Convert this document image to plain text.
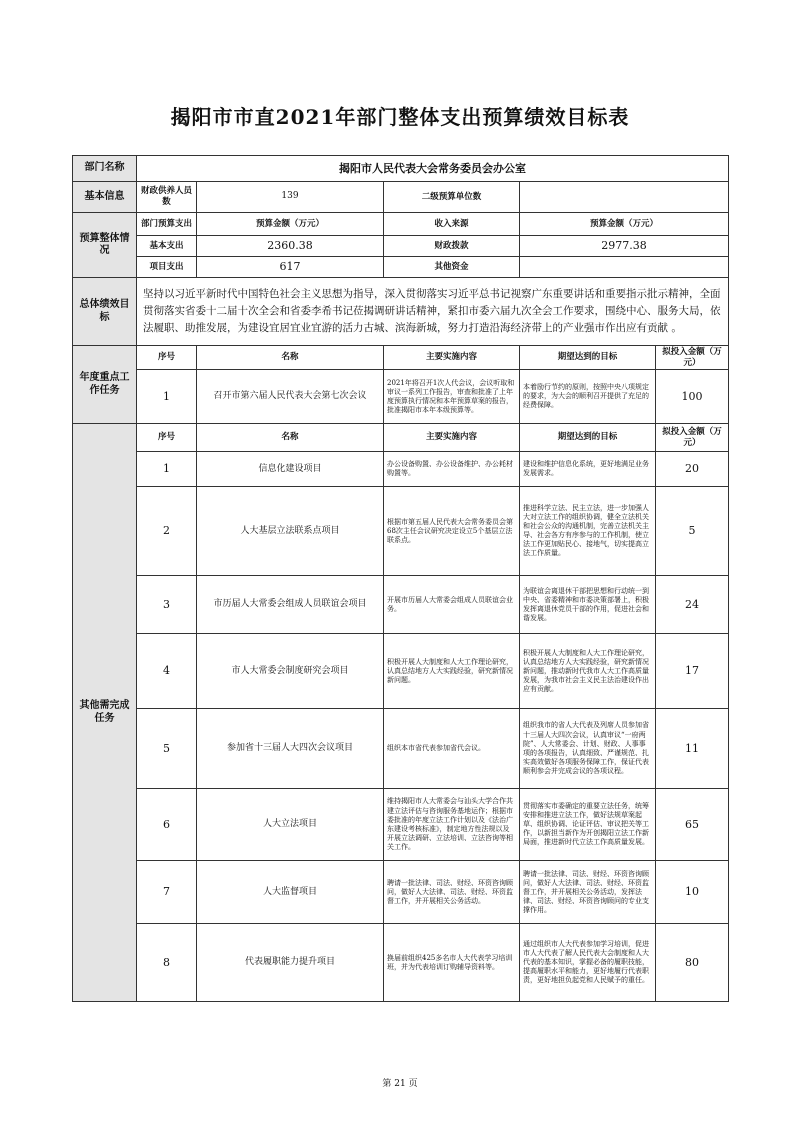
揭阳市市直2021年部门整体支出预算绩效目标表
部门名称	揭阳市人民代表大会常务委员会办公室				
基本信息	财政供养人员数	139	二级预算单位数		
预算整体情况	部门预算支出	预算金额（万元）	收入来源	预算金额（万元）	
	基本支出	2360.38	财政拨款	2977.38	
	项目支出	617	其他资金		
总体绩效目标	坚持以习近平新时代中国特色社会主义思想为指导，深入贯彻落实习近平总书记视察广东重要讲话和重要指示批示精神，全面贯彻落实省委十二届十次全会和省委李希书记莅揭调研讲话精神，紧扣市委六届九次全会工作要求，围绕中心、服务大局，依法履职、助推发展，为建设宜居宜业宜游的活力古城、滨海新城，努力打造沿海经济带上的产业强市作出应有贡献 。				
年度重点工作任务	序号	名称	主要实施内容	期望达到的目标	拟投入金额（万元）
	1	召开市第六届人民代表大会第七次会议	2021年将召开1次人代会议，会议听取和审议一系列工作报告，审查和批准了上年度预算执行情况和本年预算草案的报告，批准揭阳市本年本级预算等。	本着励行节约的原则，按照中央八项规定的要求，为大会的顺利召开提供了充足的经费保障。	100
其他需完成任务	序号	名称	主要实施内容	期望达到的目标	拟投入金额（万元）
	1	信息化建设项目	办公设备购置、办公设备维护、办公耗材购置等。	建设和维护信息化系统，更好地满足业务发展需求。	20
	2	人大基层立法联系点项目	根据市第五届人民代表大会常务委员会第68次主任会议研究决定设立5个基层立法联系点。	推进科学立法、民主立法，进一步加强人大对立法工作的组织协调，健全立法机关和社会公众的沟通机制，完善立法机关主导、社会各方有序参与的工作机制，使立法工作更加贴民心、接地气，切实提高立法工作质量。	5
	3	市历届人大常委会组成人员联谊会项目	开展市历届人大常委会组成人员联谊会业务。	为联谊会离退休干部把思想和行动统一到中央、省委精神和市委决策部署上，积极发挥离退休党员干部的作用，促进社会和谐发展。	24
	4	市人大常委会制度研究会项目	积极开展人大制度和人大工作理论研究，认真总结地方人大实践经验，研究新情况新问题。	积极开展人大制度和人大工作理论研究，认真总结地方人大实践经验，研究新情况新问题，推动新时代我市人大工作高质量发展，为我市社会主义民主法治建设作出应有贡献。	17
	5	参加省十三届人大四次会议项目	组织本市省代表参加省代会议。	组织我市的省人大代表及列席人员参加省十三届人大四次会议，认真审议“一府两院”、人大常委会、计划、财政、人事事项的各项报告，认真细致、严谨规范、扎实高效做好各项服务保障工作，保证代表顺利参会并完成会议的各项议程。	11
	6	人大立法项目	维持揭阳市人大常委会与汕头大学合作共建立法评估与咨询服务基地运作；根据市委批准的年度立法工作计划以及《法治广东建设考核标准》，制定地方性法规以及开展立法调研、立法培训、立法咨询等相关工作。	贯彻落实市委确定的重要立法任务，统筹安排和推进立法工作，做好法规草案起草、组织协调、论证评估、审议把关等工作，以新担当新作为开创揭阳立法工作新局面，推进新时代立法工作高质量发展。	65
	7	人大监督项目	聘请一批法律、司法、财经、环资咨询顾问，做好人大法律、司法、财经、环资监督工作，并开展相关公务活动。	聘请一批法律、司法、财经、环资咨询顾问，做好人大法律、司法、财经、环资监督工作，并开展相关公务活动，发挥法律、司法、财经、环资咨询顾问的专业支撑作用。	10
	8	代表履职能力提升项目	换届前组织425多名市人大代表学习培训班，并为代表培训订购辅导资料等。	通过组织市人大代表参加学习培训，促进市人大代表了解人民代表大会制度和人大代表的基本知识，掌握必备的履职技能，提高履职水平和能力，更好地履行代表职责，更好地担负起党和人民赋予的重任。	80
第 21 页
